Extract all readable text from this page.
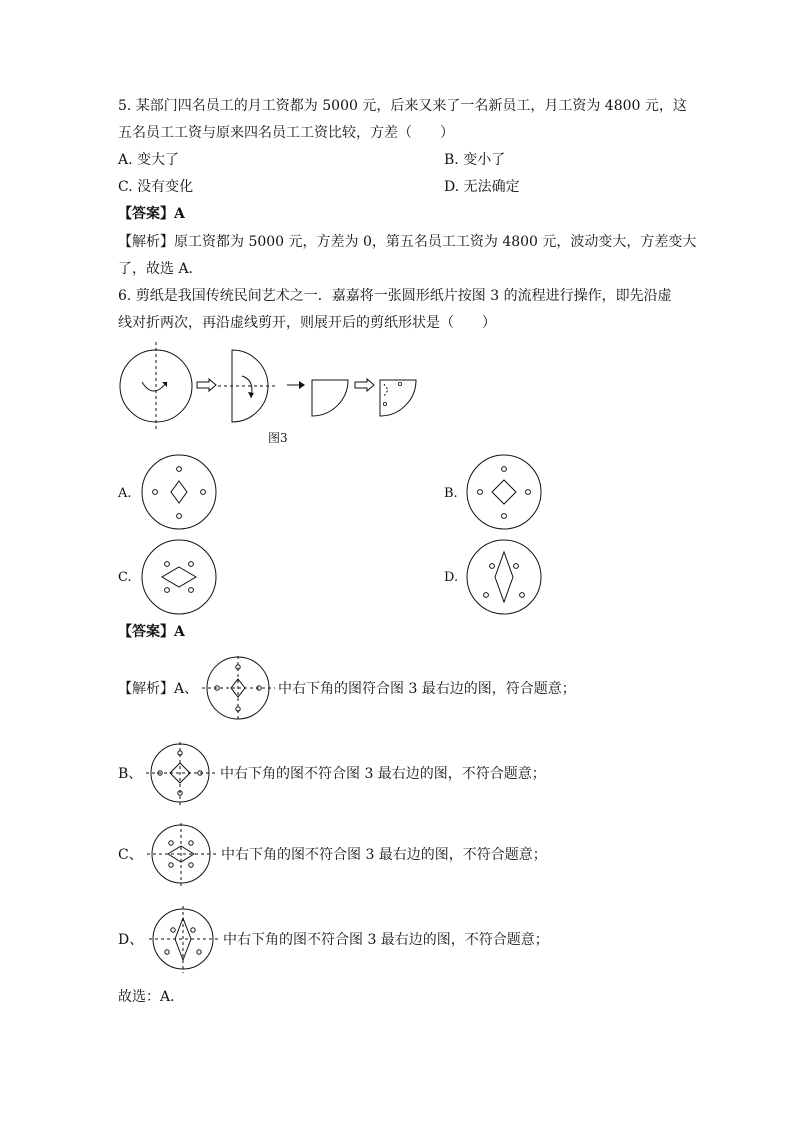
5. 某部门四名员工的月工资都为 5000 元，后来又来了一名新员工，月工资为 4800 元，这
五名员工工资与原来四名员工工资比较，方差（　　）
A. 变大了	B. 变小了
C. 没有变化	D. 无法确定
【答案】A
【解析】原工资都为 5000 元，方差为 0，第五名员工工资为 4800 元，波动变大，方差变大
了，故选 A．
6. 剪纸是我国传统民间艺术之一．嘉嘉将一张圆形纸片按图 3 的流程进行操作，即先沿虚
线对折两次，再沿虚线剪开，则展开后的剪纸形状是（　　）
图3
A.	B.
C.	D.
【答案】A
【解析】A、	中右下角的图符合图 3 最右边的图，符合题意；
B、	中右下角的图不符合图 3 最右边的图，不符合题意；
C、	中右下角的图不符合图 3 最右边的图，不符合题意；
D、	中右下角的图不符合图 3 最右边的图，不符合题意；
故选：A．
